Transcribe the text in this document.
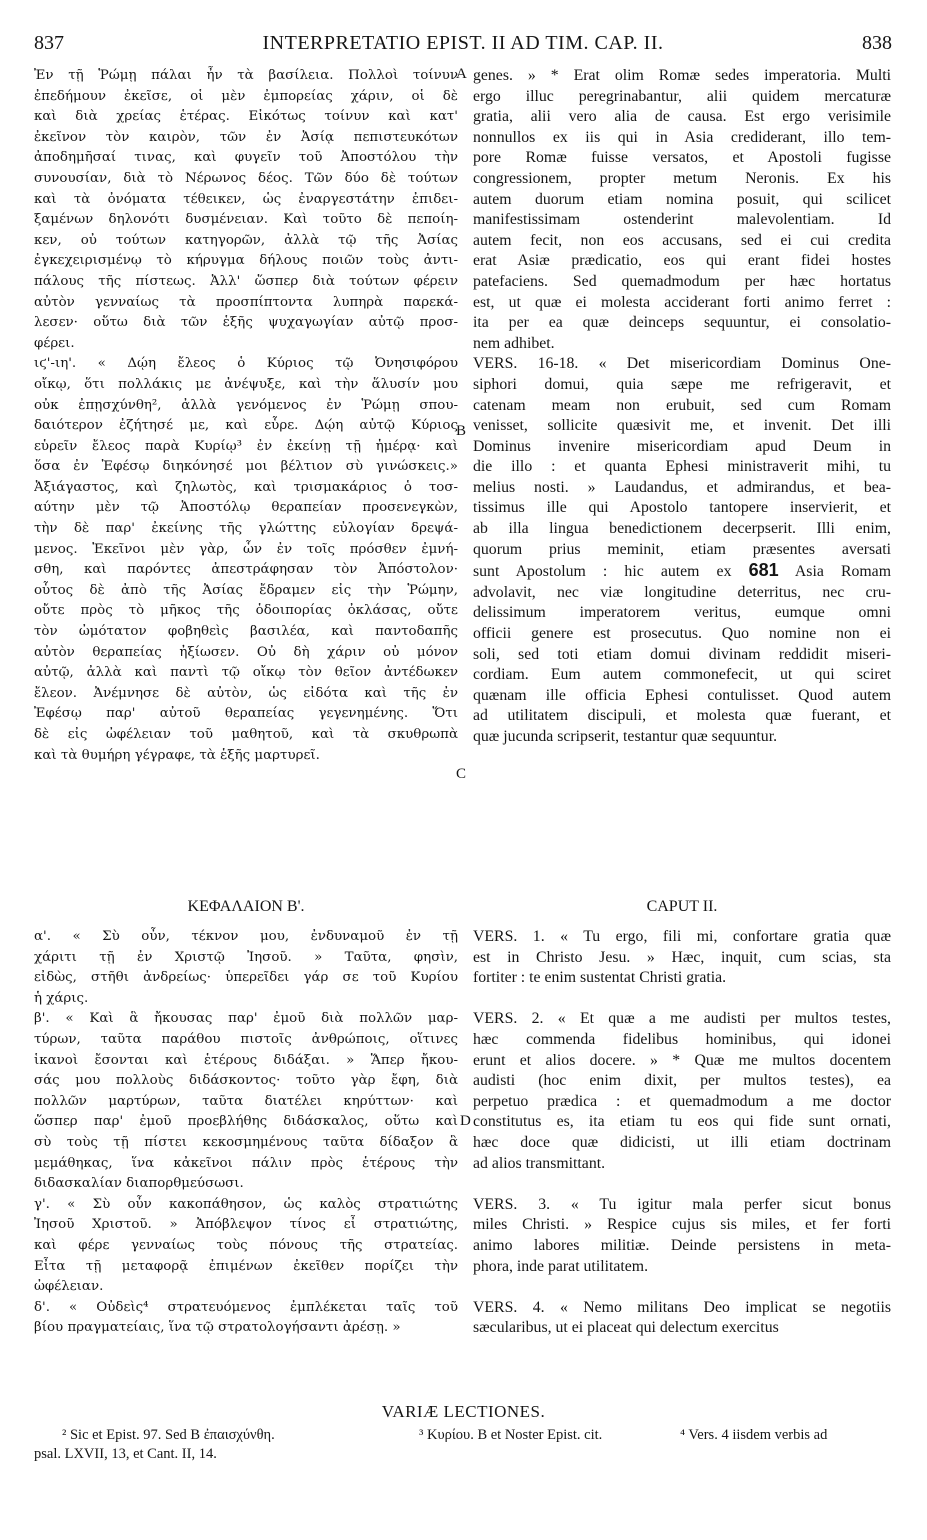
837	INTERPRETATIO EPIST. II AD TIM. CAP. II.	838
A
B
C
D
Ἐν τῇ Ῥώμῃ πάλαι ἦν τὰ βασίλεια. Πολλοὶ τοίνυν
ἐπεδήμουν ἐκεῖσε, οἱ μὲν ἐμπορείας χάριν, οἱ δὲ
καὶ διὰ χρείας ἑτέρας. Εἰκότως τοίνυν καὶ κατ'
ἐκεῖνον τὸν καιρὸν, τῶν ἐν Ἀσίᾳ πεπιστευκότων
ἀποδημῆσαί τινας, καὶ φυγεῖν τοῦ Ἀποστόλου τὴν
συνουσίαν, διὰ τὸ Νέρωνος δέος. Τῶν δύο δὲ τούτων
καὶ τὰ ὀνόματα τέθεικεν, ὡς ἐναργεστάτην ἐπιδει-
ξαμένων δηλονότι δυσμένειαν. Καὶ τοῦτο δὲ πεποίη-
κεν, οὐ τούτων κατηγορῶν, ἀλλὰ τῷ τῆς Ἀσίας
ἐγκεχειρισμένῳ τὸ κήρυγμα δήλους ποιῶν τοὺς ἀντι-
πάλους τῆς πίστεως. Ἀλλ' ὥσπερ διὰ τούτων φέρειν
αὐτὸν γενναίως τὰ προσπίπτοντα λυπηρὰ παρεκά-
λεσεν· οὕτω διὰ τῶν ἑξῆς ψυχαγωγίαν αὐτῷ προσ-
φέρει.
ιϛ'-ιη'. « Δῴη ἔλεος ὁ Κύριος τῷ Ὀνησιφόρου
οἴκῳ, ὅτι πολλάκις με ἀνέψυξε, καὶ τὴν ἅλυσίν μου
οὐκ ἐπῃσχύνθη², ἀλλὰ γενόμενος ἐν Ῥώμῃ σπου-
δαιότερον ἐζήτησέ με, καὶ εὗρε. Δῴη αὐτῷ Κύριος
εὑρεῖν ἔλεος παρὰ Κυρίῳ³ ἐν ἐκείνῃ τῇ ἡμέρᾳ· καὶ
ὅσα ἐν Ἐφέσῳ διηκόνησέ μοι βέλτιον σὺ γινώσκεις.»
Ἀξιάγαστος, καὶ ζηλωτὸς, καὶ τρισμακάριος ὁ τοσ-
αύτην μὲν τῷ Ἀποστόλῳ θεραπείαν προσενεγκὼν,
τὴν δὲ παρ' ἐκείνης τῆς γλώττης εὐλογίαν δρεψά-
μενος. Ἐκεῖνοι μὲν γὰρ, ὧν ἐν τοῖς πρόσθεν ἐμνή-
σθη, καὶ παρόντες ἀπεστράφησαν τὸν Ἀπόστολον·
οὗτος δὲ ἀπὸ τῆς Ἀσίας ἔδραμεν εἰς τὴν Ῥώμην,
οὔτε πρὸς τὸ μῆκος τῆς ὁδοιπορίας ὀκλάσας, οὔτε
τὸν ὠμότατον φοβηθεὶς βασιλέα, καὶ παντοδαπῆς
αὐτὸν θεραπείας ἠξίωσεν. Οὐ δὴ χάριν οὐ μόνον
αὐτῷ, ἀλλὰ καὶ παντὶ τῷ οἴκῳ τὸν θεῖον ἀντέδωκεν
ἔλεον. Ἀνέμνησε δὲ αὐτὸν, ὡς εἰδότα καὶ τῆς ἐν
Ἐφέσῳ παρ' αὐτοῦ θεραπείας γεγενημένης. Ὅτι
δὲ εἰς ὠφέλειαν τοῦ μαθητοῦ, καὶ τὰ σκυθρωπὰ
καὶ τὰ θυμήρη γέγραφε, τὰ ἑξῆς μαρτυρεῖ.
genes. » * Erat olim Romæ sedes imperatoria. Multi
ergo illuc peregrinabantur, alii quidem mercaturæ
gratia, alii vero alia de causa. Est ergo verisimile
nonnullos ex iis qui in Asia crediderant, illo tem-
pore Romæ fuisse versatos, et Apostoli fugisse
congressionem, propter metum Neronis. Ex his
autem duorum etiam nomina posuit, qui scilicet
manifestissimam ostenderint malevolentiam. Id
autem fecit, non eos accusans, sed ei cui credita
erat Asiæ prædicatio, eos qui erant fidei hostes
patefaciens. Sed quemadmodum per hæc hortatus
est, ut quæ ei molesta acciderant forti animo ferret :
ita per ea quæ deinceps sequuntur, ei consolatio-
nem adhibet.
VERS. 16-18. « Det misericordiam Dominus One-
siphori domui, quia sæpe me refrigeravit, et
catenam meam non erubuit, sed cum Romam
venisset, sollicite quæsivit me, et invenit. Det illi
Dominus invenire misericordiam apud Deum in
die illo : et quanta Ephesi ministraverit mihi, tu
melius nosti. » Laudandus, et admirandus, et bea-
tissimus ille qui Apostolo tantopere inservierit, et
ab illa lingua benedictionem decerpserit. Illi enim,
quorum prius meminit, etiam præsentes aversati
sunt Apostolum : hic autem ex 681 Asia Romam
advolavit, nec viæ longitudine deterritus, nec cru-
delissimum imperatorem veritus, eumque omni
officii genere est prosecutus. Quo nomine non ei
soli, sed toti etiam domui divinam reddidit miseri-
cordiam. Eum autem commonefecit, ut qui sciret
quænam ille officia Ephesi contulisset. Quod autem
ad utilitatem discipuli, et molesta quæ fuerant, et
quæ jucunda scripserit, testantur quæ sequuntur.
ΚΕΦΑΛΑΙΟΝ Β'.	CAPUT II.
α'. « Σὺ οὖν, τέκνον μου, ἐνδυναμοῦ ἐν τῇ
χάριτι τῇ ἐν Χριστῷ Ἰησοῦ. » Ταῦτα, φησὶν,
εἰδὼς, στῆθι ἀνδρείως· ὑπερεῖδει γάρ σε τοῦ Κυρίου
ἡ χάρις.
β'. « Καὶ ἃ ἤκουσας παρ' ἐμοῦ διὰ πολλῶν μαρ-
τύρων, ταῦτα παράθου πιστοῖς ἀνθρώποις, οἵτινες
ἱκανοὶ ἔσονται καὶ ἑτέρους διδάξαι. » Ἅπερ ἤκου-
σάς μου πολλοὺς διδάσκοντος· τοῦτο γὰρ ἔφη, διὰ
πολλῶν μαρτύρων, ταῦτα διατέλει κηρύττων· καὶ
ὥσπερ παρ' ἐμοῦ προεβλήθης διδάσκαλος, οὕτω καὶ
σὺ τοὺς τῇ πίστει κεκοσμημένους ταῦτα δίδαξον ἃ
μεμάθηκας, ἵνα κἀκεῖνοι πάλιν πρὸς ἑτέρους τὴν
διδασκαλίαν διαπορθμεύσωσι.
γ'. « Σὺ οὖν κακοπάθησον, ὡς καλὸς στρατιώτης
Ἰησοῦ Χριστοῦ. » Ἀπόβλεψον τίνος εἶ στρατιώτης,
καὶ φέρε γενναίως τοὺς πόνους τῆς στρατείας.
Εἶτα τῇ μεταφορᾷ ἐπιμένων ἐκεῖθεν πορίζει τὴν
ὠφέλειαν.
δ'. « Οὐδεὶς⁴ στρατευόμενος ἐμπλέκεται ταῖς τοῦ
βίου πραγματείαις, ἵνα τῷ στρατολογήσαντι ἀρέσῃ. »
VERS. 1. « Tu ergo, fili mi, confortare gratia quæ
est in Christo Jesu. » Hæc, inquit, cum scias, sta
fortiter : te enim sustentat Christi gratia.

VERS. 2. « Et quæ a me audisti per multos testes,
hæc commenda fidelibus hominibus, qui idonei
erunt et alios docere. » * Quæ me multos docentem
audisti (hoc enim dixit, per multos testes), ea
perpetuo prædica : et quemadmodum a me doctor
constitutus es, ita etiam tu eos qui fide sunt ornati,
hæc doce quæ didicisti, ut illi etiam doctrinam
ad alios transmittant.

VERS. 3. « Tu igitur mala perfer sicut bonus
miles Christi. » Respice cujus sis miles, et fer forti
animo labores militiæ. Deinde persistens in meta-
phora, inde parat utilitatem.

VERS. 4. « Nemo militans Deo implicat se negotiis
sæcularibus, ut ei placeat qui delectum exercitus
VARIÆ LECTIONES.
² Sic et Epist. 97. Sed B ἐπαισχύνθη.	³ Κυρίου. B et Noster Epist. cit.	⁴ Vers. 4 iisdem verbis ad
psal. LXVII, 13, et Cant. II, 14.
